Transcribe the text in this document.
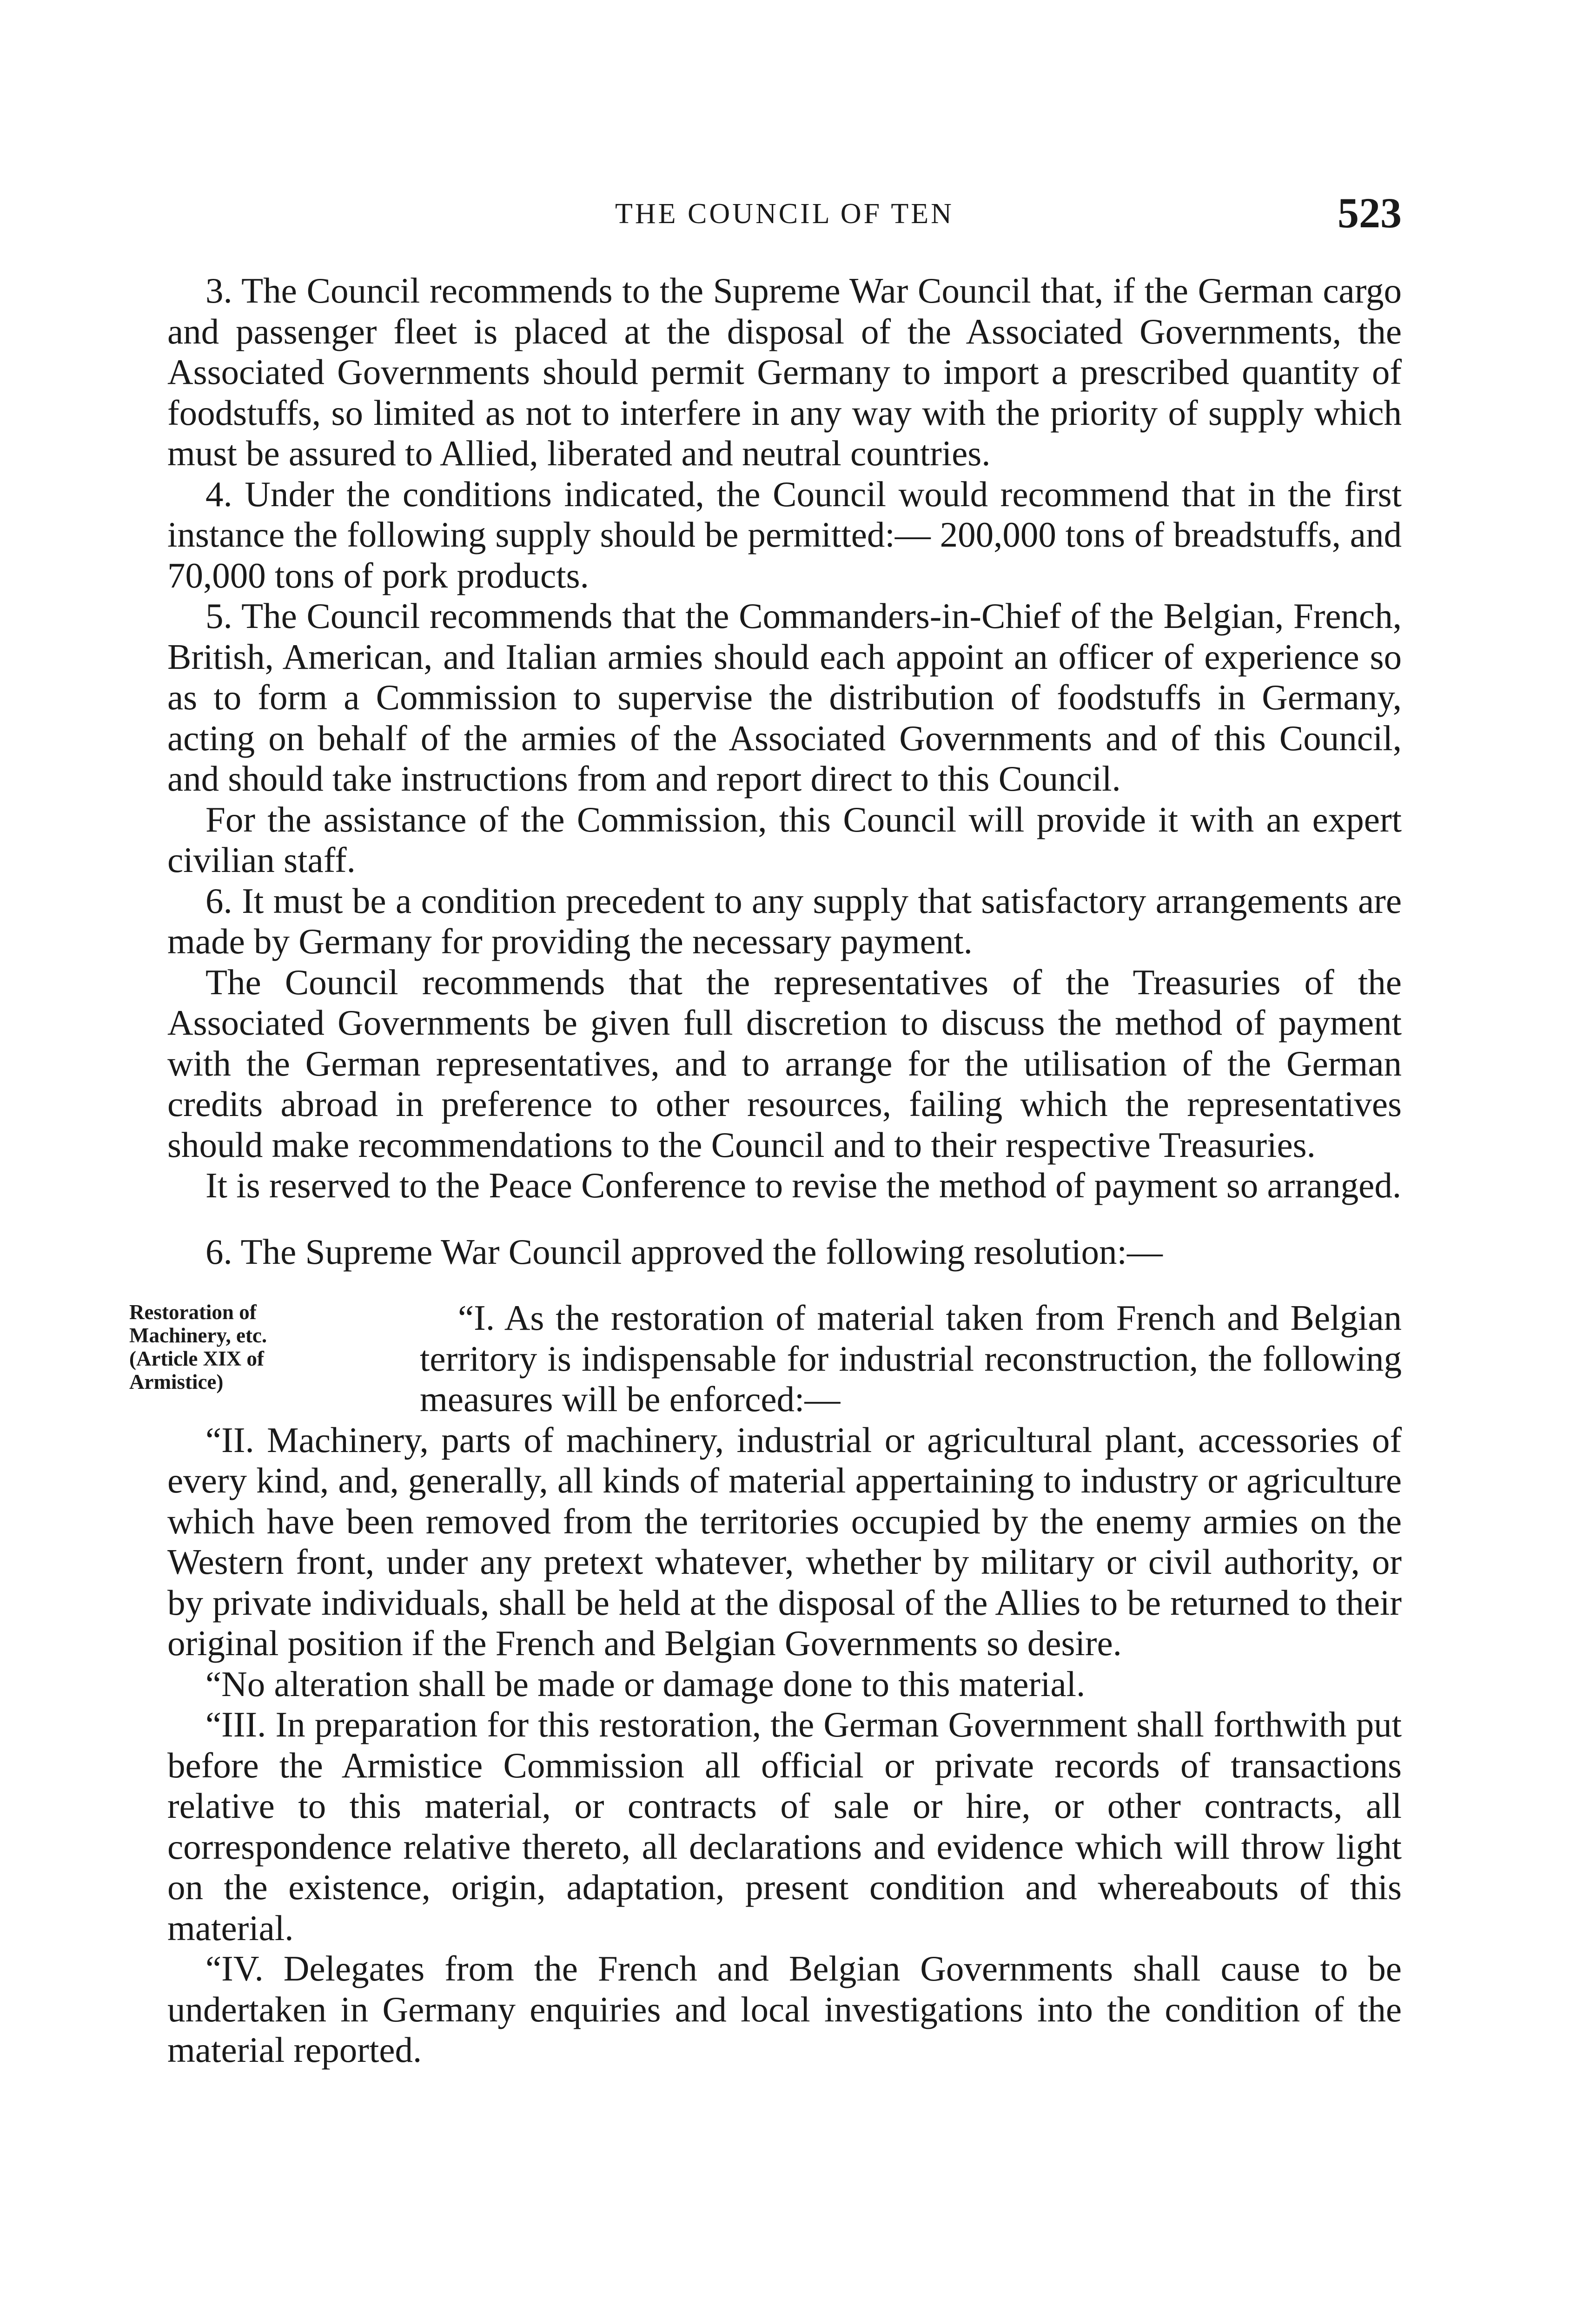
THE COUNCIL OF TEN	523

3. The Council recommends to the Supreme War Council that, if the German cargo and passenger fleet is placed at the disposal of the Associated Governments, the Associated Governments should permit Germany to import a prescribed quantity of foodstuffs, so limited as not to interfere in any way with the priority of supply which must be assured to Allied, liberated and neutral countries.

4. Under the conditions indicated, the Council would recommend that in the first instance the following supply should be permitted:— 200,000 tons of breadstuffs, and 70,000 tons of pork products.

5. The Council recommends that the Commanders-in-Chief of the Belgian, French, British, American, and Italian armies should each appoint an officer of experience so as to form a Commission to supervise the distribution of foodstuffs in Germany, acting on behalf of the armies of the Associated Governments and of this Council, and should take instructions from and report direct to this Council.

For the assistance of the Commission, this Council will provide it with an expert civilian staff.

6. It must be a condition precedent to any supply that satisfactory arrangements are made by Germany for providing the necessary payment.

The Council recommends that the representatives of the Treasuries of the Associated Governments be given full discretion to discuss the method of payment with the German representatives, and to arrange for the utilisation of the German credits abroad in preference to other resources, failing which the representatives should make recommendations to the Council and to their respective Treasuries.

It is reserved to the Peace Conference to revise the method of payment so arranged.

6. The Supreme War Council approved the following resolution:—

Restoration of
Machinery, etc.
(Article XIX of
Armistice)
“I. As the restoration of material taken from French and Belgian territory is indispensable for industrial reconstruction, the following measures will be enforced:—

“II. Machinery, parts of machinery, industrial or agricultural plant, accessories of every kind, and, generally, all kinds of material appertaining to industry or agriculture which have been removed from the territories occupied by the enemy armies on the Western front, under any pretext whatever, whether by military or civil authority, or by private individuals, shall be held at the disposal of the Allies to be returned to their original position if the French and Belgian Governments so desire.

“No alteration shall be made or damage done to this material.

“III. In preparation for this restoration, the German Government shall forthwith put before the Armistice Commission all official or private records of transactions relative to this material, or contracts of sale or hire, or other contracts, all correspondence relative thereto, all declarations and evidence which will throw light on the existence, origin, adaptation, present condition and whereabouts of this material.

“IV. Delegates from the French and Belgian Governments shall cause to be undertaken in Germany enquiries and local investigations into the condition of the material reported.
